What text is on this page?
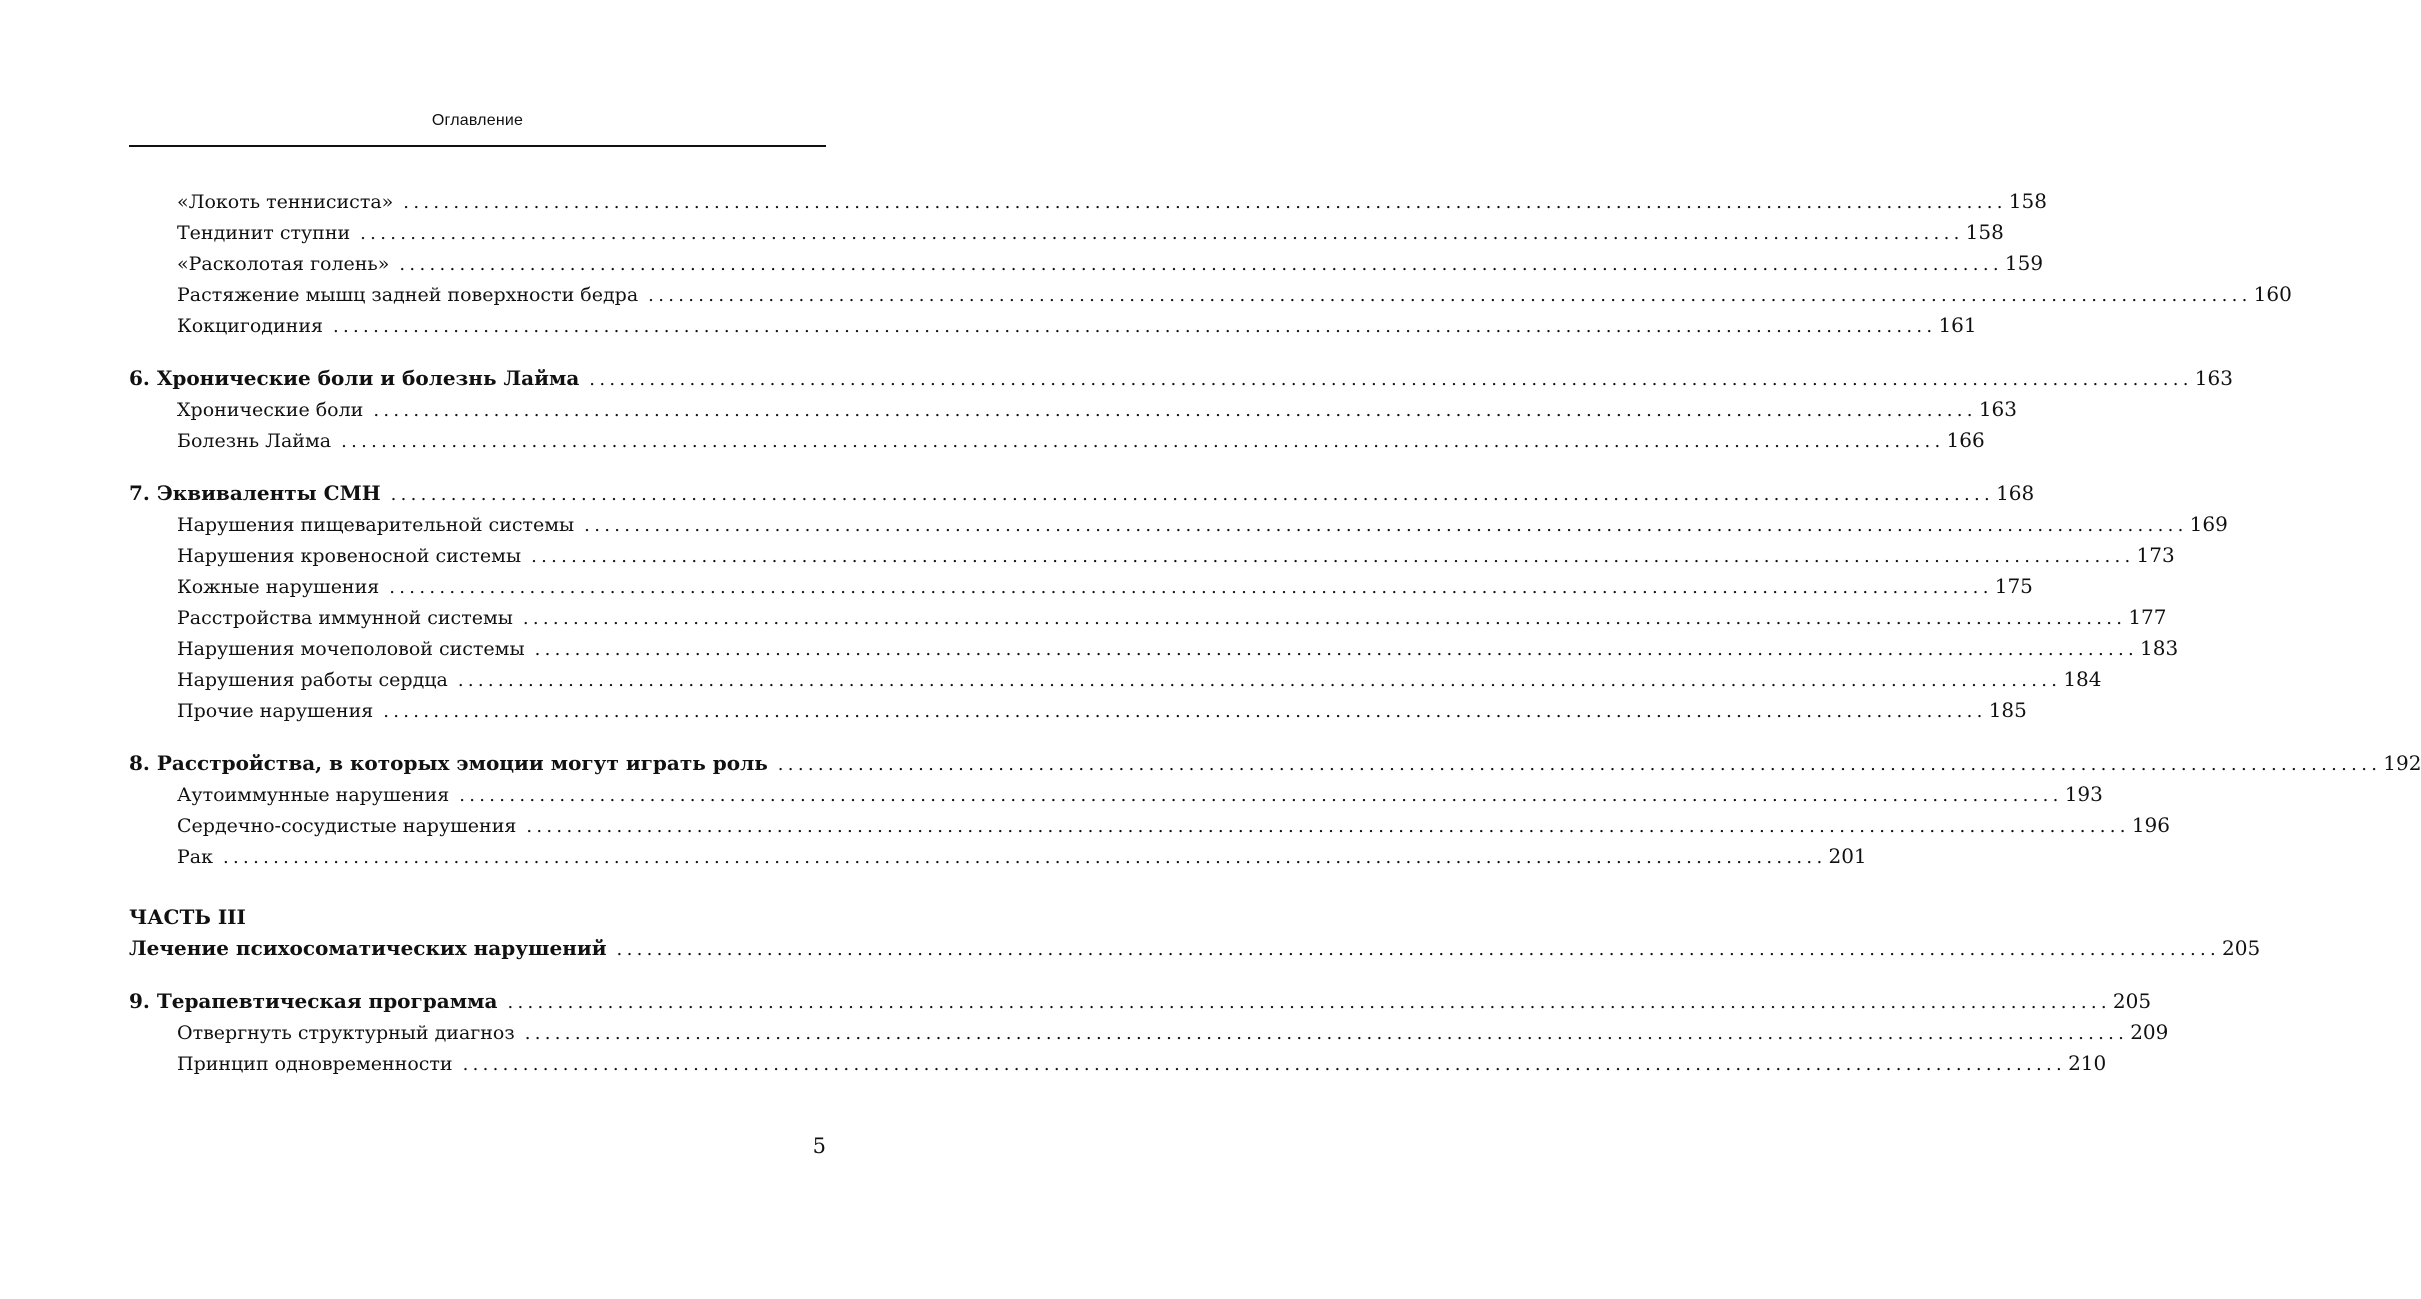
Оглавление
«Локоть теннисиста» ................................................................................................................................................................ 158
Тендинит ступни ................................................................................................................................................................ 158
«Расколотая голень» ................................................................................................................................................................ 159
Растяжение мышц задней поверхности бедра ................................................................................................................................................................ 160
Кокцигодиния ................................................................................................................................................................ 161
6. Хронические боли и болезнь Лайма ................................................................................................................................................................ 163
Хронические боли ................................................................................................................................................................ 163
Болезнь Лайма ................................................................................................................................................................ 166
7. Эквиваленты СМН ................................................................................................................................................................ 168
Нарушения пищеварительной системы ................................................................................................................................................................ 169
Нарушения кровеносной системы ................................................................................................................................................................ 173
Кожные нарушения ................................................................................................................................................................ 175
Расстройства иммунной системы ................................................................................................................................................................ 177
Нарушения мочеполовой системы ................................................................................................................................................................ 183
Нарушения работы сердца ................................................................................................................................................................ 184
Прочие нарушения ................................................................................................................................................................ 185
8. Расстройства, в которых эмоции могут играть роль ................................................................................................................................................................ 192
Аутоиммунные нарушения ................................................................................................................................................................ 193
Сердечно-сосудистые нарушения ................................................................................................................................................................ 196
Рак ................................................................................................................................................................ 201
ЧАСТЬ III
Лечение психосоматических нарушений ................................................................................................................................................................ 205
9. Терапевтическая программа ................................................................................................................................................................ 205
Отвергнуть структурный диагноз ................................................................................................................................................................ 209
Принцип одновременности ................................................................................................................................................................ 210
5
